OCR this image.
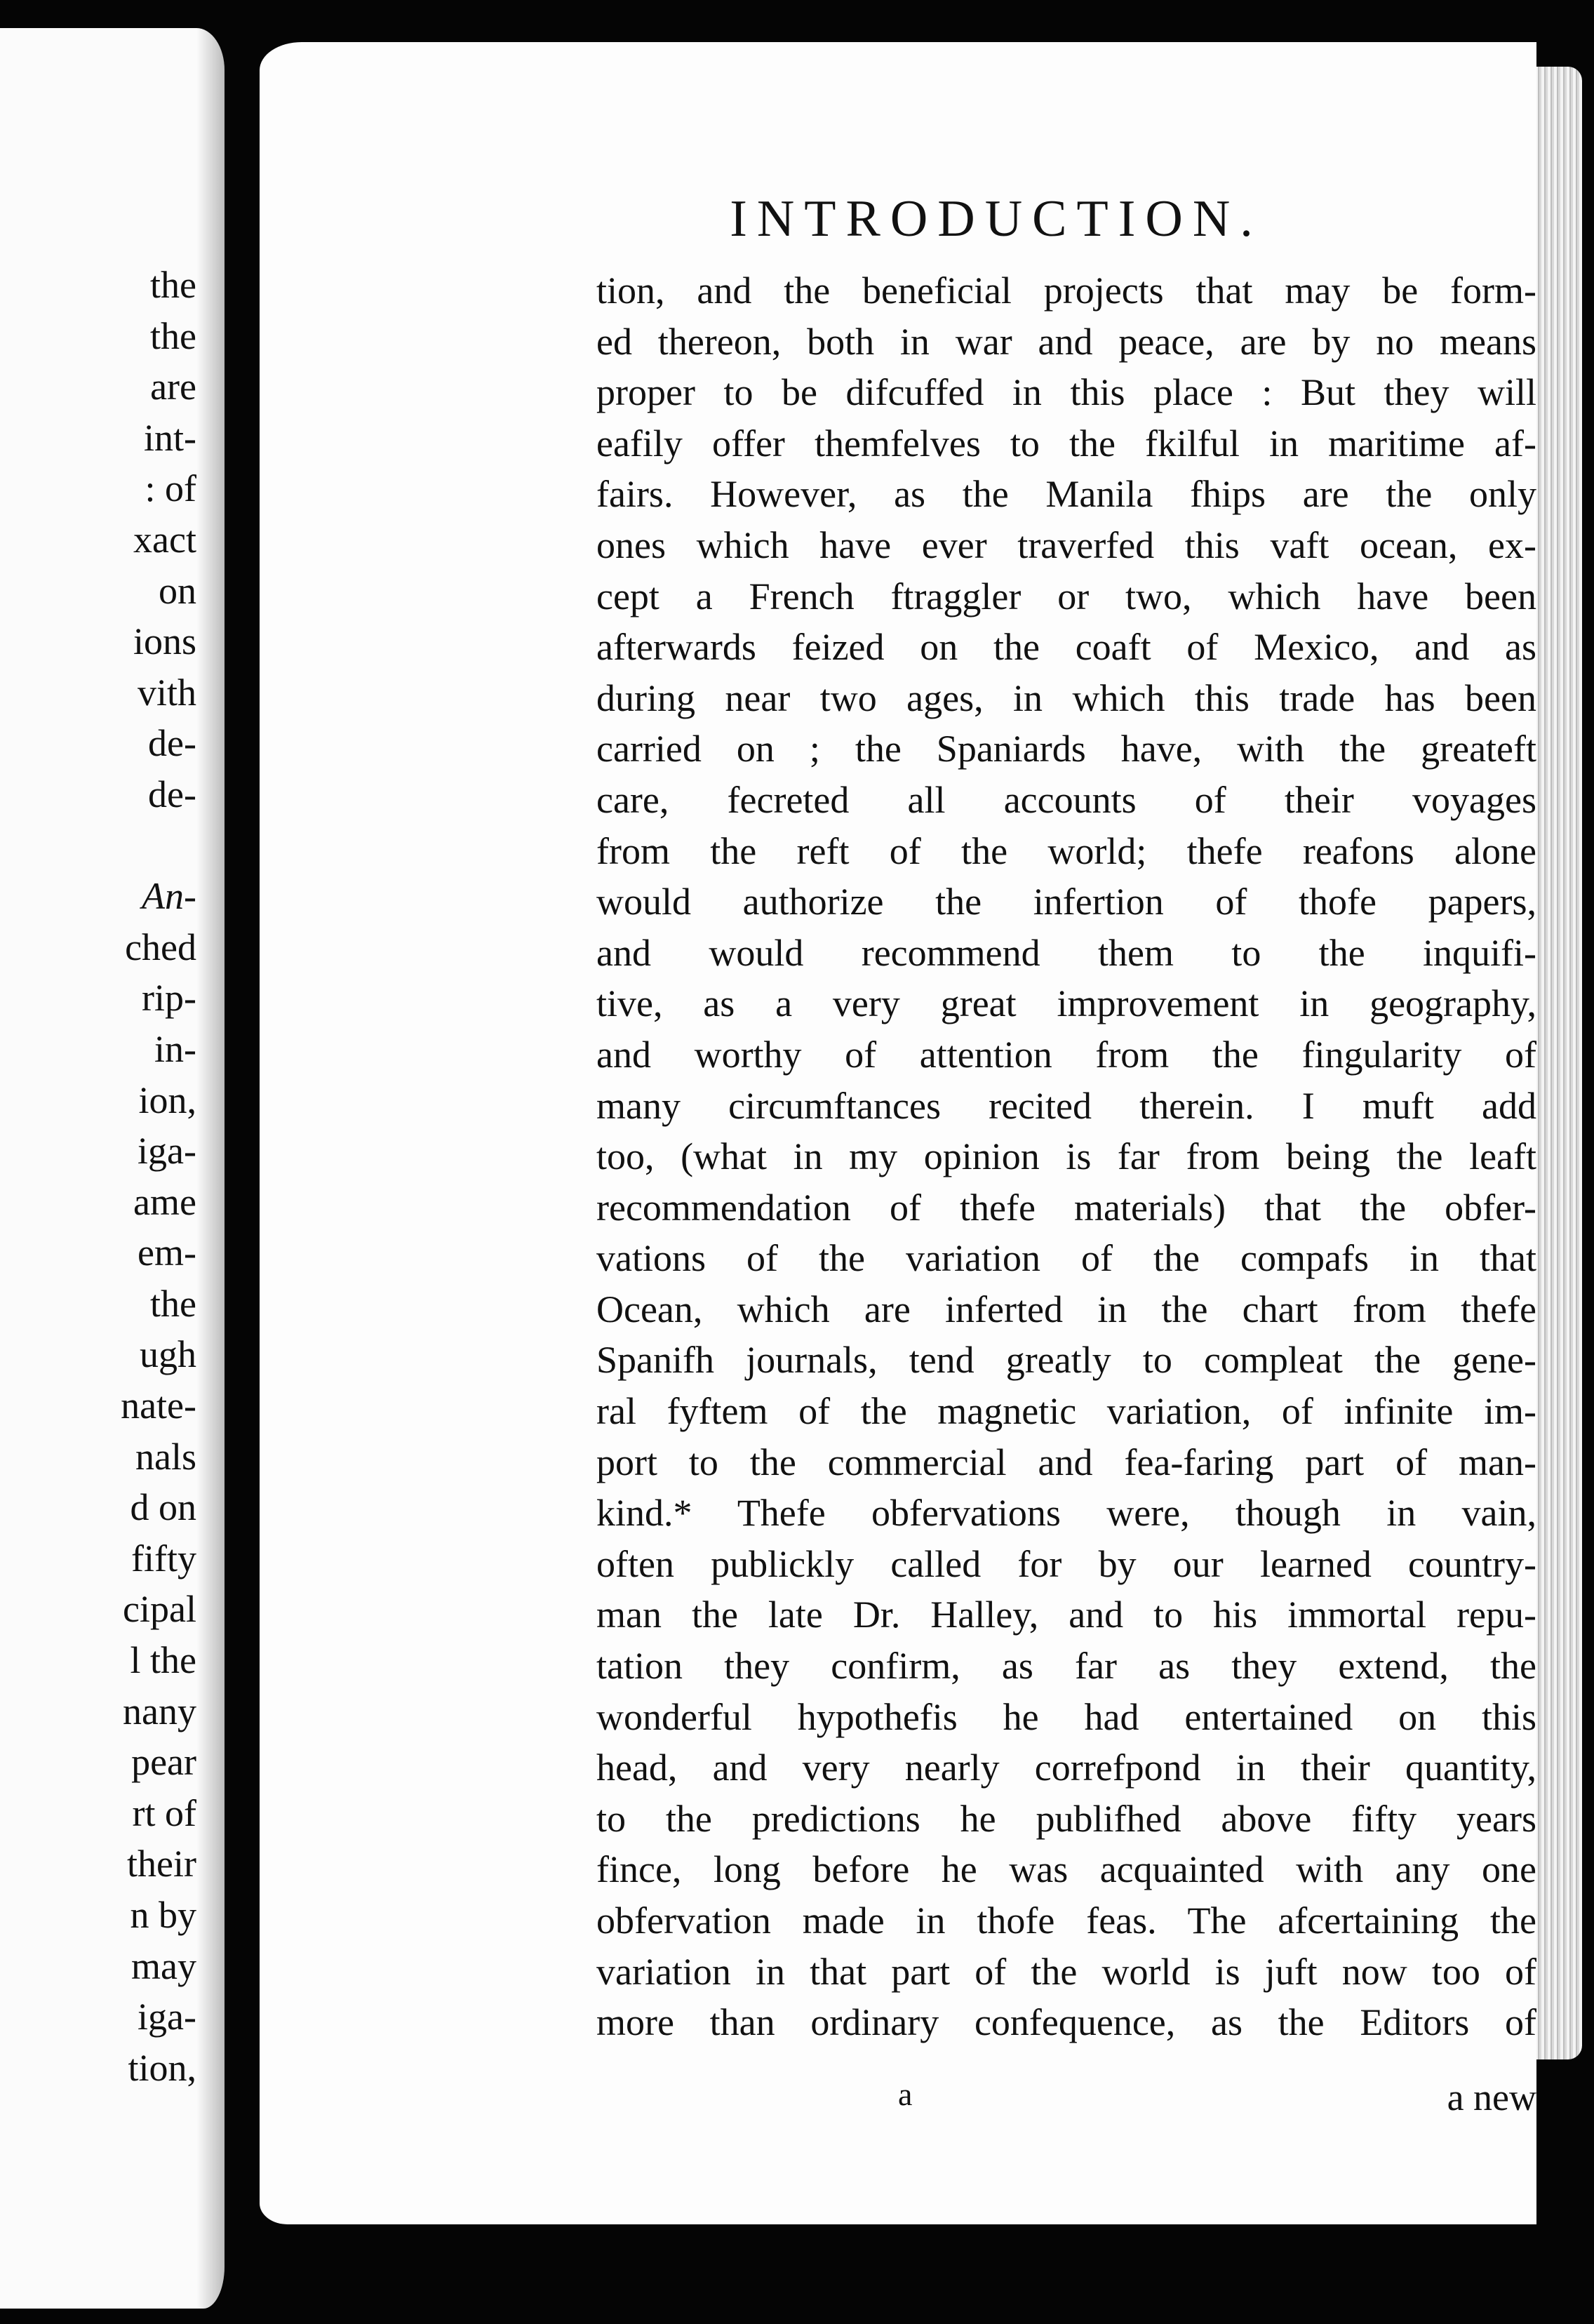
the
the
are
int-
: of
xact
on
ions
vith
de-
de-
An-
ched
rip-
in-
ion,
iga-
ame
em-
the
ugh
nate-
nals
d on
fifty
cipal
l the
nany
pear
rt of
their
n by
may
iga-
tion,
INTRODUCTION.
tion, and the beneficial projects that may be form-
ed thereon, both in war and peace, are by no means
proper to be difcuffed in this place : But they will
eafily offer themfelves to the fkilful in maritime af-
fairs. However, as the Manila fhips are the only
ones which have ever traverfed this vaft ocean, ex-
cept a French ftraggler or two, which have been
afterwards feized on the coaft of Mexico, and as
during near two ages, in which this trade has been
carried on ; the Spaniards have, with the greateft
care, fecreted all accounts of their voyages
from the reft of the world; thefe reafons alone
would authorize the infertion of thofe papers,
and would recommend them to the inquifi-
tive, as a very great improvement in geography,
and worthy of attention from the fingularity of
many circumftances recited therein. I muft add
too, (what in my opinion is far from being the leaft
recommendation of thefe materials) that the obfer-
vations of the variation of the compafs in that
Ocean, which are inferted in the chart from thefe
Spanifh journals, tend greatly to compleat the gene-
ral fyftem of the magnetic variation, of infinite im-
port to the commercial and fea-faring part of man-
kind.* Thefe obfervations were, though in vain,
often publickly called for by our learned country-
man the late Dr. Halley, and to his immortal repu-
tation they confirm, as far as they extend, the
wonderful hypothefis he had entertained on this
head, and very nearly correfpond in their quantity,
to the predictions he publifhed above fifty years
fince, long before he was acquainted with any one
obfervation made in thofe feas. The afcertaining the
variation in that part of the world is juft now too of
more than ordinary confequence, as the Editors of
a	a new
